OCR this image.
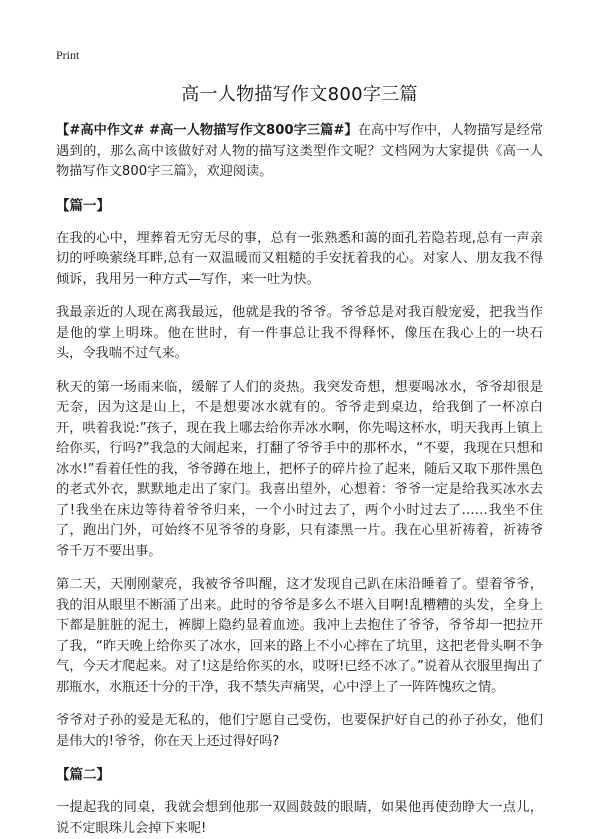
Print
高一人物描写作文800字三篇
【#高中作文# #高一人物描写作文800字三篇#】在高中写作中，人物描写是经常遇到的，那么高中该做好对人物的描写这类型作文呢？文档网为大家提供《高一人物描写作文800字三篇》，欢迎阅读。
【篇一】
在我的心中，埋葬着无穷无尽的事，总有一张熟悉和蔼的面孔若隐若现,总有一声亲切的呼唤萦绕耳畔,总有一双温暖而又粗糙的手安抚着我的心。对家人、朋友我不得倾诉，我用另一种方式—写作，来一吐为快。
我最亲近的人现在离我最远，他就是我的爷爷。爷爷总是对我百般宠爱，把我当作是他的掌上明珠。他在世时，有一件事总让我不得释怀，像压在我心上的一块石头，令我喘不过气来。
秋天的第一场雨来临，缓解了人们的炎热。我突发奇想，想要喝冰水，爷爷却很是无奈，因为这是山上，不是想要冰水就有的。爷爷走到桌边，给我倒了一杯凉白开，哄着我说:”孩子，现在我上哪去给你弄冰水啊，你先喝这杯水，明天我再上镇上给你买，行吗?”我急的大闹起来，打翻了爷爷手中的那杯水，“不要，我现在只想和冰水!”看着任性的我，爷爷蹲在地上，把杯子的碎片捡了起来，随后又取下那件黑色的老式外衣，默默地走出了家门。我喜出望外，心想着：爷爷一定是给我买冰水去了!我坐在床边等待着爷爷归来，一个小时过去了，两个小时过去了……我坐不住了，跑出门外，可始终不见爷爷的身影，只有漆黑一片。我在心里祈祷着，祈祷爷爷千万不要出事。
第二天，天刚刚蒙亮，我被爷爷叫醒，这才发现自己趴在床沿睡着了。望着爷爷，我的泪从眼里不断涌了出来。此时的爷爷是多么不堪入目啊!乱糟糟的头发，全身上下都是脏脏的泥土，裤脚上隐约显着血迹。我冲上去抱住了爷爷，爷爷却一把拉开了我，“昨天晚上给你买了冰水，回来的路上不小心摔在了坑里，这把老骨头啊不争气，今天才爬起来。对了!这是给你买的水，哎呀!已经不冰了。”说着从衣服里掏出了那瓶水，水瓶还十分的干净，我不禁失声痛哭，心中浮上了一阵阵愧疚之情。
爷爷对子孙的爱是无私的，他们宁愿自己受伤，也要保护好自己的孙子孙女，他们是伟大的!爷爷，你在天上还过得好吗?
【篇二】
一提起我的同桌，我就会想到他那一双圆鼓鼓的眼睛，如果他再使劲睁大一点儿，说不定眼珠儿会掉下来呢!
